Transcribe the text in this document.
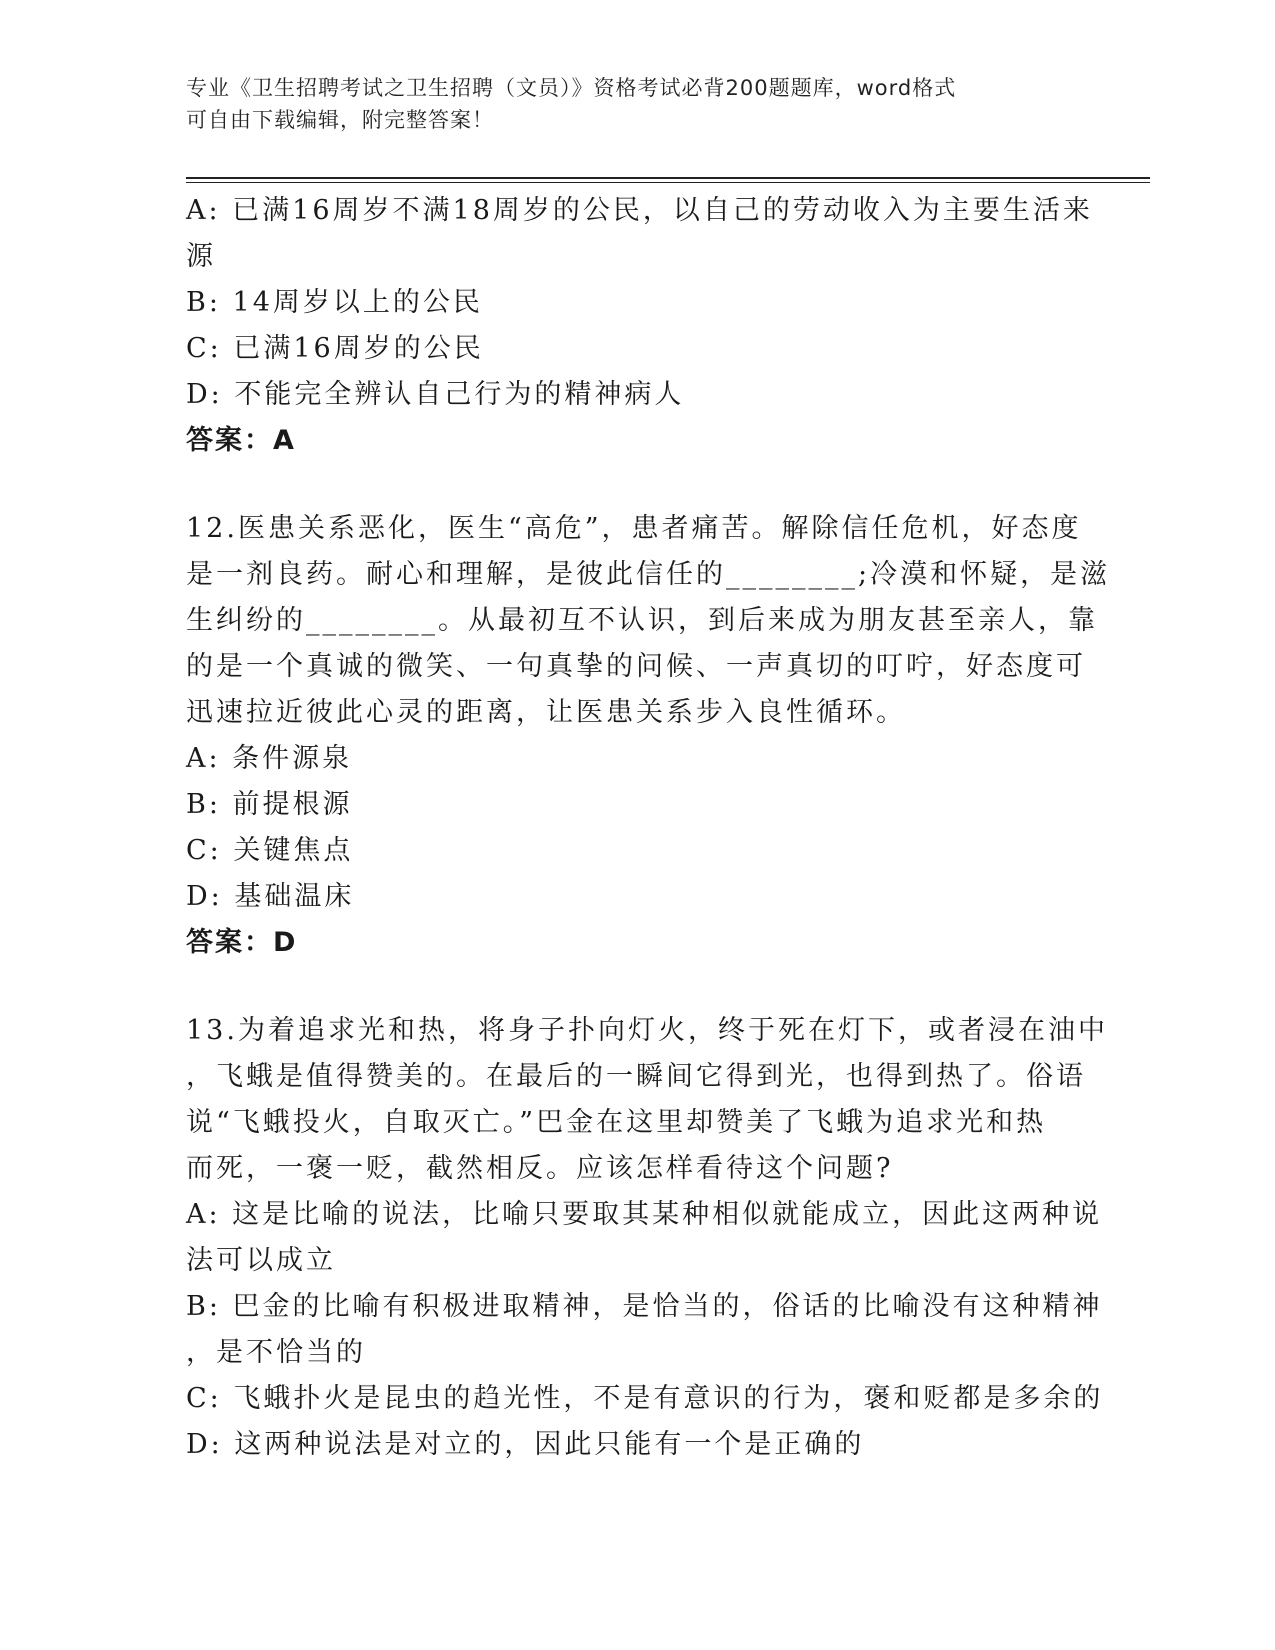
专业《卫生招聘考试之卫生招聘（文员）》资格考试必背200题题库，word格式
可自由下载编辑，附完整答案！
A: 已满16周岁不满18周岁的公民，以自己的劳动收入为主要生活来
源
B: 14周岁以上的公民
C: 已满16周岁的公民
D: 不能完全辨认自己行为的精神病人
答案：A
12.医患关系恶化，医生“高危”，患者痛苦。解除信任危机，好态度
是一剂良药。耐心和理解，是彼此信任的________;冷漠和怀疑，是滋
生纠纷的________。从最初互不认识，到后来成为朋友甚至亲人，靠
的是一个真诚的微笑、一句真挚的问候、一声真切的叮咛，好态度可
迅速拉近彼此心灵的距离，让医患关系步入良性循环。
A: 条件源泉
B: 前提根源
C: 关键焦点
D: 基础温床
答案：D
13.为着追求光和热，将身子扑向灯火，终于死在灯下，或者浸在油中
，飞蛾是值得赞美的。在最后的一瞬间它得到光，也得到热了。俗语
说“飞蛾投火，自取灭亡。”巴金在这里却赞美了飞蛾为追求光和热
而死，一褒一贬，截然相反。应该怎样看待这个问题?
A: 这是比喻的说法，比喻只要取其某种相似就能成立，因此这两种说
法可以成立
B: 巴金的比喻有积极进取精神，是恰当的，俗话的比喻没有这种精神
，是不恰当的
C: 飞蛾扑火是昆虫的趋光性，不是有意识的行为，褒和贬都是多余的
D: 这两种说法是对立的，因此只能有一个是正确的
